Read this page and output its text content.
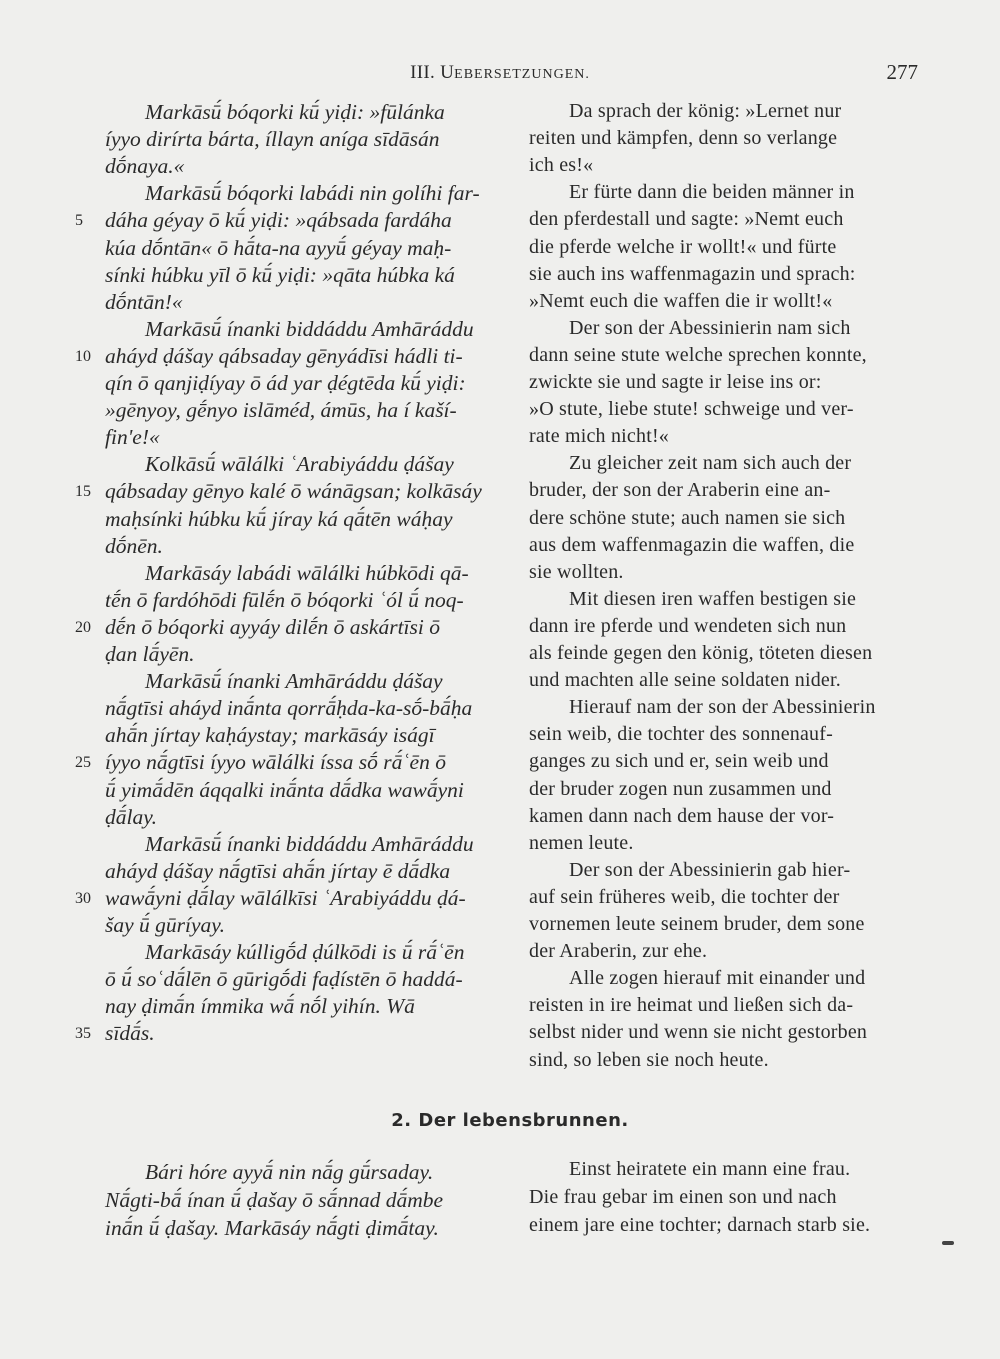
III. UEBERSETZUNGEN.	277
Markāsū́ bóqorki kū́ yiḍi: »fūlánka
íyyo dirírta bárta, íllayn aníga sīdāsán
dṓnaya.«
Markāsū́ bóqorki labádi nin golíhi far-
dáha géyay ō kū́ yiḍi: »qábsada fardáha
kúa dṓntān« ō hā́ta-na ayyū́ géyay maḥ-
sínki húbku yīl ō kū́ yiḍi: »qāta húbka ká
dṓntān!«
Markāsū́ ínanki biddáddu Amhāráddu
aháyd ḍášay qábsaday gēnyádīsi hádli ti-
qín ō qanjiḍíyay ō ád yar ḍégtēda kū́ yiḍi:
»gēnyoy, gḗnyo islāméd, ámūs, ha í kaší-
fin'e!«
Kolkāsū́ wālálki ʿArabiyáddu ḍášay
qábsaday gēnyo kalé ō wánāgsan; kolkāsáy
maḥsínki húbku kū́ jíray ká qā́tēn wáḥay
dṓnēn.
Markāsáy labádi wālálki húbkōdi qā-
tḗn ō fardóhōdi fūlḗn ō bóqorki ʿól ū́ noq-
dḗn ō bóqorki ayyáy dilḗn ō askártīsi ō
ḍan lā́yēn.
Markāsū́ ínanki Amhāráddu ḍášay
nā́gtīsi aháyd inā́nta qorrā́ḥda-ka-sṓ-bā́ḥa
ahā́n jírtay kaḥáystay; markāsáy iságī
íyyo nā́gtīsi íyyo wālálki íssa sṓ rā́ʿēn ō
ū́ yimā́dēn áqqalki inā́nta dā́dka wawā́yni
ḍā́lay.
Markāsū́ ínanki biddáddu Amhāráddu
aháyd ḍášay nā́gtīsi ahā́n jírtay ē dā́dka
wawā́yni ḍā́lay wālálkīsi ʿArabiyáddu ḍá-
šay ū́ gūríyay.
Markāsáy kúlligṓd ḍúlkōdi is ū́ rā́ʿēn
ō ū́ soʿdā́lēn ō gūrigṓdi faḍístēn ō haddá-
nay ḍimā́n ímmika wā́ nṓl yihín. Wā
sīdā́s.
5
10
15
20
25
30
35
Da sprach der könig: »Lernet nur
reiten und kämpfen, denn so verlange
ich es!«
Er fürte dann die beiden männer in
den pferdestall und sagte: »Nemt euch
die pferde welche ir wollt!« und fürte
sie auch ins waffenmagazin und sprach:
»Nemt euch die waffen die ir wollt!«
Der son der Abessinierin nam sich
dann seine stute welche sprechen konnte,
zwickte sie und sagte ir leise ins or:
»O stute, liebe stute! schweige und ver-
rate mich nicht!«
Zu gleicher zeit nam sich auch der
bruder, der son der Araberin eine an-
dere schöne stute; auch namen sie sich
aus dem waffenmagazin die waffen, die
sie wollten.
Mit diesen iren waffen bestigen sie
dann ire pferde und wendeten sich nun
als feinde gegen den könig, töteten diesen
und machten alle seine soldaten nider.
Hierauf nam der son der Abessinierin
sein weib, die tochter des sonnenauf-
ganges zu sich und er, sein weib und
der bruder zogen nun zusammen und
kamen dann nach dem hause der vor-
nemen leute.
Der son der Abessinierin gab hier-
auf sein früheres weib, die tochter der
vornemen leute seinem bruder, dem sone
der Araberin, zur ehe.
Alle zogen hierauf mit einander und
reisten in ire heimat und ließen sich da-
selbst nider und wenn sie nicht gestorben
sind, so leben sie noch heute.
2. Der lebensbrunnen.
Bári hóre ayyā́ nin nā́g gū́rsaday.
Nā́gti-bā́ ínan ū́ ḍašay ō sā́nnad dā́mbe
inā́n ū́ ḍašay. Markāsáy nā́gti ḍimā́tay.
Einst heiratete ein mann eine frau.
Die frau gebar im einen son und nach
einem jare eine tochter; darnach starb sie.
